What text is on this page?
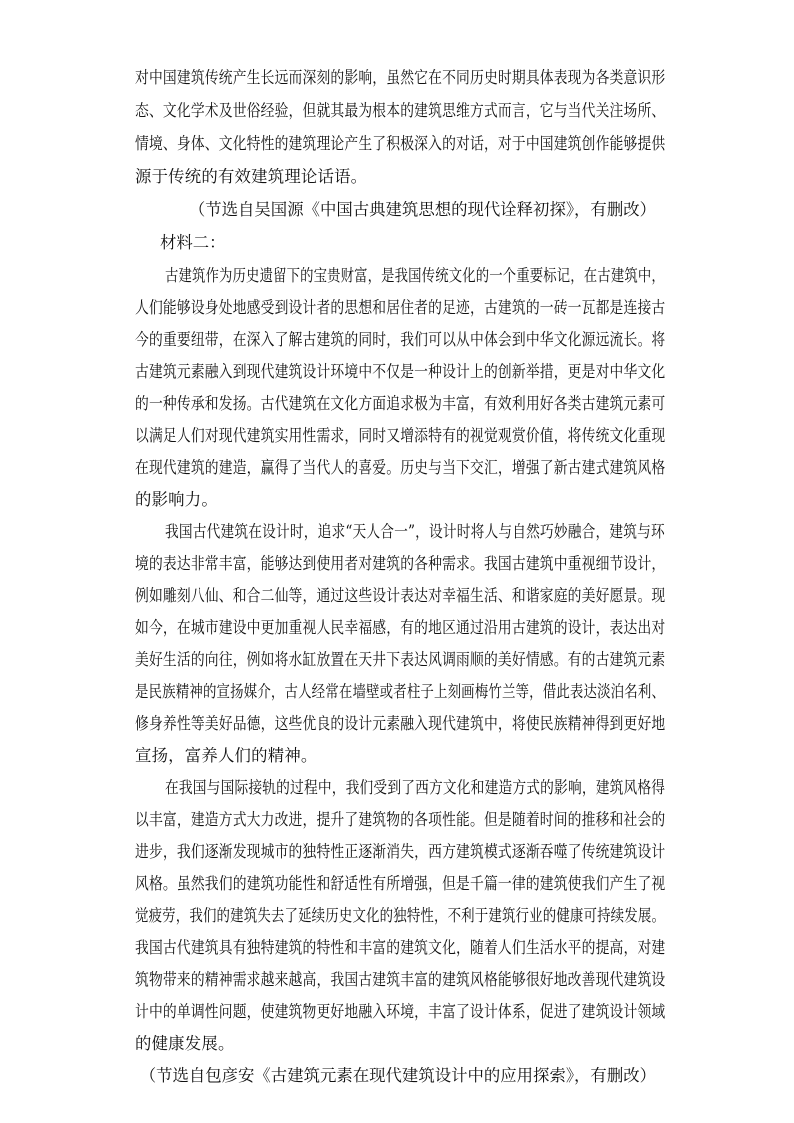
对中国建筑传统产生长远而深刻的影响，虽然它在不同历史时期具体表现为各类意识形
态、文化学术及世俗经验，但就其最为根本的建筑思维方式而言，它与当代关注场所、
情境、身体、文化特性的建筑理论产生了积极深入的对话，对于中国建筑创作能够提供
源于传统的有效建筑理论话语。
（节选自吴国源《中国古典建筑思想的现代诠释初探》，有删改）
材料二：
古建筑作为历史遗留下的宝贵财富，是我国传统文化的一个重要标记，在古建筑中，
人们能够设身处地感受到设计者的思想和居住者的足迹，古建筑的一砖一瓦都是连接古
今的重要纽带，在深入了解古建筑的同时，我们可以从中体会到中华文化源远流长。将
古建筑元素融入到现代建筑设计环境中不仅是一种设计上的创新举措，更是对中华文化
的一种传承和发扬。古代建筑在文化方面追求极为丰富，有效利用好各类古建筑元素可
以满足人们对现代建筑实用性需求，同时又增添特有的视觉观赏价值，将传统文化重现
在现代建筑的建造，赢得了当代人的喜爱。历史与当下交汇，增强了新古建式建筑风格
的影响力。
我国古代建筑在设计时，追求“天人合一”，设计时将人与自然巧妙融合，建筑与环
境的表达非常丰富，能够达到使用者对建筑的各种需求。我国古建筑中重视细节设计，
例如雕刻八仙、和合二仙等，通过这些设计表达对幸福生活、和谐家庭的美好愿景。现
如今，在城市建设中更加重视人民幸福感，有的地区通过沿用古建筑的设计，表达出对
美好生活的向往，例如将水缸放置在天井下表达风调雨顺的美好情感。有的古建筑元素
是民族精神的宣扬媒介，古人经常在墙壁或者柱子上刻画梅竹兰等，借此表达淡泊名利、
修身养性等美好品德，这些优良的设计元素融入现代建筑中，将使民族精神得到更好地
宣扬，富养人们的精神。
在我国与国际接轨的过程中，我们受到了西方文化和建造方式的影响，建筑风格得
以丰富，建造方式大力改进，提升了建筑物的各项性能。但是随着时间的推移和社会的
进步，我们逐渐发现城市的独特性正逐渐消失，西方建筑模式逐渐吞噬了传统建筑设计
风格。虽然我们的建筑功能性和舒适性有所增强，但是千篇一律的建筑使我们产生了视
觉疲劳，我们的建筑失去了延续历史文化的独特性，不利于建筑行业的健康可持续发展。
我国古代建筑具有独特建筑的特性和丰富的建筑文化，随着人们生活水平的提高，对建
筑物带来的精神需求越来越高，我国古建筑丰富的建筑风格能够很好地改善现代建筑设
计中的单调性问题，使建筑物更好地融入环境，丰富了设计体系，促进了建筑设计领域
的健康发展。
（节选自包彦安《古建筑元素在现代建筑设计中的应用探索》，有删改）
